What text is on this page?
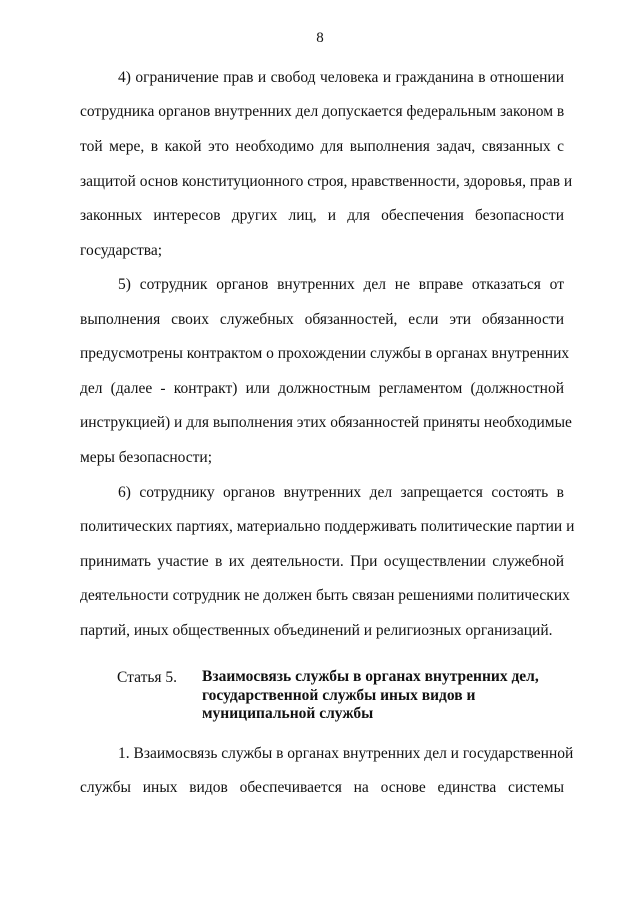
8
4) ограничение прав и свобод человека и гражданина в отношении
сотрудника органов внутренних дел допускается федеральным законом в
той мере, в какой это необходимо для выполнения задач, связанных с
защитой основ конституционного строя, нравственности, здоровья, прав и
законных интересов других лиц, и для обеспечения безопасности
государства;
5) сотрудник органов внутренних дел не вправе отказаться от
выполнения своих служебных обязанностей, если эти обязанности
предусмотрены контрактом о прохождении службы в органах внутренних
дел (далее - контракт) или должностным регламентом (должностной
инструкцией) и для выполнения этих обязанностей приняты необходимые
меры безопасности;
6) сотруднику органов внутренних дел запрещается состоять в
политических партиях, материально поддерживать политические партии и
принимать участие в их деятельности. При осуществлении служебной
деятельности сотрудник не должен быть связан решениями политических
партий, иных общественных объединений и религиозных организаций.
Статья 5. Взаимосвязь службы в органах внутренних дел,
государственной службы иных видов и
муниципальной службы
1. Взаимосвязь службы в органах внутренних дел и государственной
службы иных видов обеспечивается на основе единства системы
